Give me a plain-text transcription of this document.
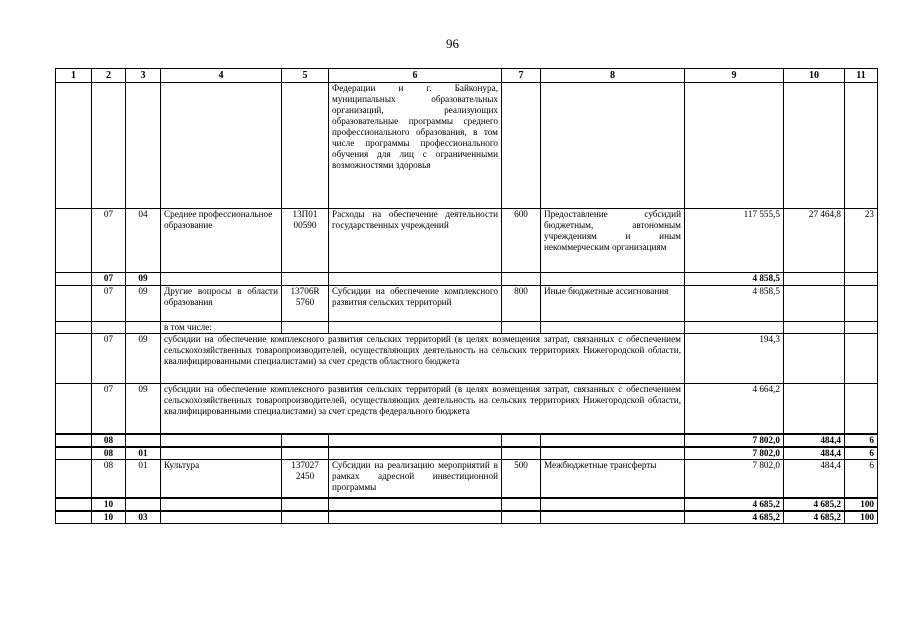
96
1	2	3	4	5	6	7	8	9	10	11
					Федерации и г. Байконура, муниципальных образовательных организаций, реализующих образовательные программы среднего профессионального образования, в том числе программы профессионального обучения для лиц с ограниченными возможностями здоровья					
	07	04	Среднее профессиональное образование	13П01 00590	Расходы на обеспечение деятельности государственных учреждений	600	Предоставление субсидий бюджетным, автономным учреждениям и иным некоммерческим организациям	117 555,5	27 464,8	23
	07	09						4 858,5		
	07	09	Другие вопросы в области образования	13706R 5760	Субсидии на обеспечение комплексного развития сельских территорий	800	Иные бюджетные ассигнования	4 858,5		
			в том числе:							
	07	09	субсидии на обеспечение комплексного развития сельских территорий (в целях возмещения затрат, связанных с обеспечением сельскохозяйственных товаропроизводителей, осуществляющих деятельность на сельских территориях Нижегородской области, квалифицированными специалистами) за счет средств областного бюджета					194,3		
	07	09	субсидии на обеспечение комплексного развития сельских территорий (в целях возмещения затрат, связанных с обеспечением сельскохозяйственных товаропроизводителей, осуществляющих деятельность на сельских территориях Нижегородской области, квалифицированными специалистами) за счет средств федерального бюджета					4 664,2		
	08							7 802,0	484,4	6
	08	01						7 802,0	484,4	6
	08	01	Культура	137027 2450	Субсидии на реализацию мероприятий в рамках адресной инвестиционной программы	500	Межбюджетные трансферты	7 802,0	484,4	6
	10							4 685,2	4 685,2	100
	10	03						4 685,2	4 685,2	100
